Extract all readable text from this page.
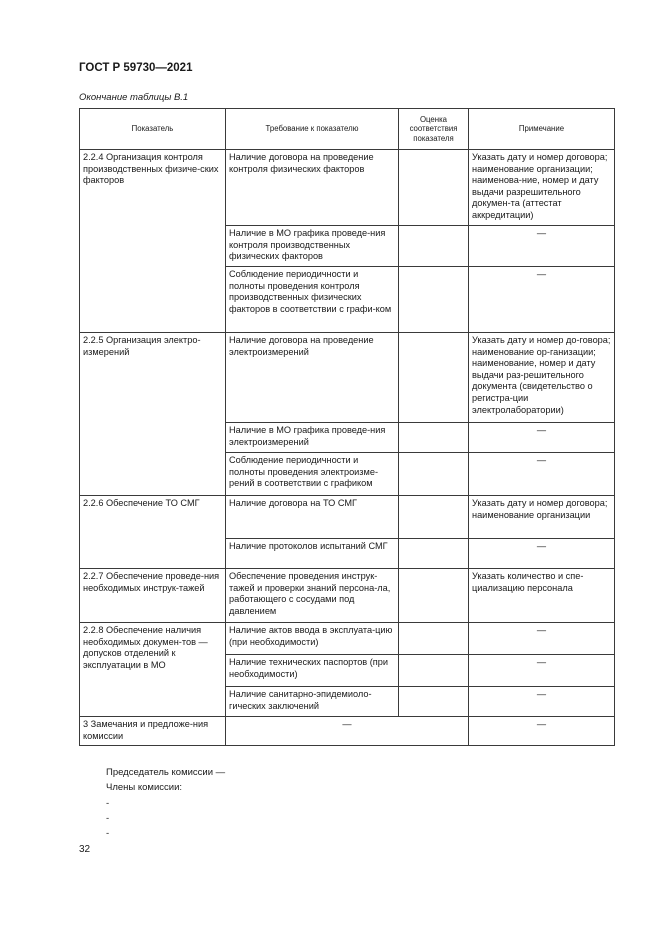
ГОСТ Р 59730—2021
Окончание таблицы В.1
Показатель	Требование к показателю	Оценка соответствия показателя	Примечание
2.2.4 Организация контроля производственных физиче-ских факторов	Наличие договора на проведение контроля физических факторов		Указать дату и номер договора; наименование организации; наименова-ние, номер и дату выдачи разрешительного докумен-та (аттестат аккредитации)
	Наличие в МО графика проведе-ния контроля производственных физических факторов		—
	Соблюдение периодичности и полноты проведения контроля производственных физических факторов в соответствии с графи-ком		—
2.2.5 Организация электро-измерений	Наличие договора на проведение электроизмерений		Указать дату и номер до-говора; наименование ор-ганизации; наименование, номер и дату выдачи раз-решительного документа (свидетельство о регистра-ции электролаборатории)
	Наличие в МО графика проведе-ния электроизмерений		—
	Соблюдение периодичности и полноты проведения электроизме-рений в соответствии с графиком		—
2.2.6 Обеспечение ТО СМГ	Наличие договора на ТО СМГ		Указать дату и номер договора; наименование организации
	Наличие протоколов испытаний СМГ		—
2.2.7 Обеспечение проведе-ния необходимых инструк-тажей	Обеспечение проведения инструк-тажей и проверки знаний персона-ла, работающего с сосудами под давлением		Указать количество и спе-циализацию персонала
2.2.8 Обеспечение наличия необходимых докумен-тов — допусков отделений к эксплуатации в МО	Наличие актов ввода в эксплуата-цию (при необходимости)		—
	Наличие технических паспортов (при необходимости)		—
	Наличие санитарно-эпидемиоло-гических заключений		—
3 Замечания и предложе-ния комиссии	—		—
Председатель комиссии —
Члены комиссии:
-
-
-
32
